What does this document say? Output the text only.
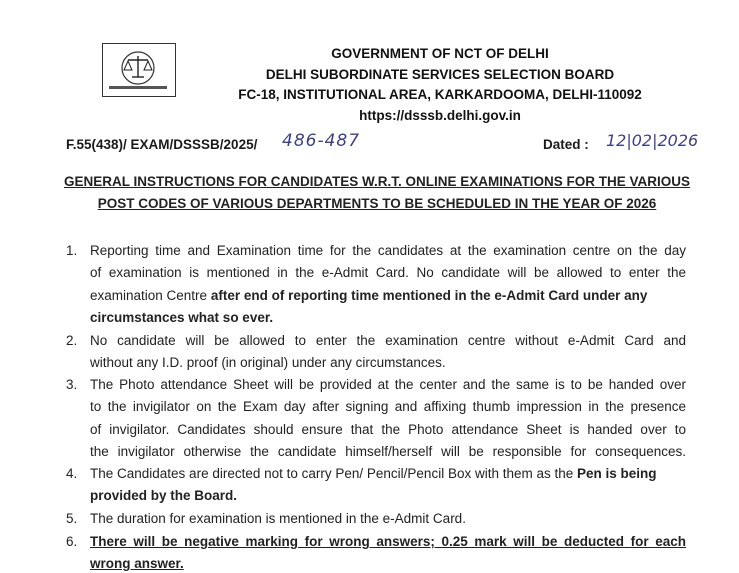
GOVERNMENT OF NCT OF DELHI
DELHI SUBORDINATE SERVICES SELECTION BOARD
FC-18, INSTITUTIONAL AREA, KARKARDOOMA, DELHI-110092
https://dsssb.delhi.gov.in
F.55(438)/ EXAM/DSSSB/2025/ 486-487	Dated : 12|02|2026
GENERAL INSTRUCTIONS FOR CANDIDATES W.R.T. ONLINE EXAMINATIONS FOR THE VARIOUS
POST CODES OF VARIOUS DEPARTMENTS TO BE SCHEDULED IN THE YEAR OF 2026
1. Reporting time and Examination time for the candidates at the examination centre on the day
of examination is mentioned in the e-Admit Card. No candidate will be allowed to enter the
examination Centre after end of reporting time mentioned in the e-Admit Card under any
circumstances what so ever.
2. No candidate will be allowed to enter the examination centre without e-Admit Card and
without any I.D. proof (in original) under any circumstances.
3. The Photo attendance Sheet will be provided at the center and the same is to be handed over
to the invigilator on the Exam day after signing and affixing thumb impression in the presence
of invigilator. Candidates should ensure that the Photo attendance Sheet is handed over to
the invigilator otherwise the candidate himself/herself will be responsible for consequences.
4. The Candidates are directed not to carry Pen/ Pencil/Pencil Box with them as the Pen is being
provided by the Board.
5. The duration for examination is mentioned in the e-Admit Card.
6. There will be negative marking for wrong answers; 0.25 mark will be deducted for each
wrong answer.
